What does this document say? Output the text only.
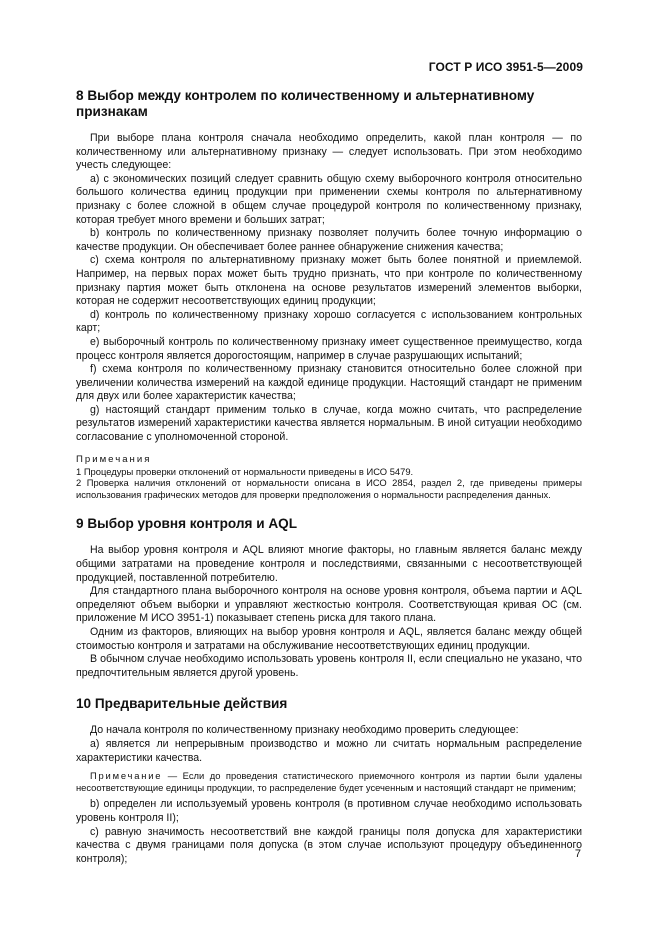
ГОСТ Р ИСО 3951-5—2009
8 Выбор между контролем по количественному и альтернативному признакам

При выборе плана контроля сначала необходимо определить, какой план контроля — по количественному или альтернативному признаку — следует использовать. При этом необходимо учесть следующее:

а) с экономических позиций следует сравнить общую схему выборочного контроля относительно большого количества единиц продукции при применении схемы контроля по альтернативному признаку с более сложной в общем случае процедурой контроля по количественному признаку, которая требует много времени и больших затрат;

b) контроль по количественному признаку позволяет получить более точную информацию о качестве продукции. Он обеспечивает более раннее обнаружение снижения качества;

c) схема контроля по альтернативному признаку может быть более понятной и приемлемой. Например, на первых порах может быть трудно признать, что при контроле по количественному признаку партия может быть отклонена на основе результатов измерений элементов выборки, которая не содержит несоответствующих единиц продукции;

d) контроль по количественному признаку хорошо согласуется с использованием контрольных карт;

e) выборочный контроль по количественному признаку имеет существенное преимущество, когда процесс контроля является дорогостоящим, например в случае разрушающих испытаний;

f) схема контроля по количественному признаку становится относительно более сложной при увеличении количества измерений на каждой единице продукции. Настоящий стандарт не применим для двух или более характеристик качества;

g) настоящий стандарт применим только в случае, когда можно считать, что распределение результатов измерений характеристики качества является нормальным. В иной ситуации необходимо согласование с уполномоченной стороной.

Примечания

1 Процедуры проверки отклонений от нормальности приведены в ИСО 5479.

2 Проверка наличия отклонений от нормальности описана в ИСО 2854, раздел 2, где приведены примеры использования графических методов для проверки предположения о нормальности распределения данных.

9 Выбор уровня контроля и AQL

На выбор уровня контроля и AQL влияют многие факторы, но главным является баланс между общими затратами на проведение контроля и последствиями, связанными с несоответствующей продукцией, поставленной потребителю.

Для стандартного плана выборочного контроля на основе уровня контроля, объема партии и AQL определяют объем выборки и управляют жесткостью контроля. Соответствующая кривая ОС (см. приложение М ИСО 3951-1) показывает степень риска для такого плана.

Одним из факторов, влияющих на выбор уровня контроля и AQL, является баланс между общей стоимостью контроля и затратами на обслуживание несоответствующих единиц продукции.

В обычном случае необходимо использовать уровень контроля II, если специально не указано, что предпочтительным является другой уровень.

10 Предварительные действия

До начала контроля по количественному признаку необходимо проверить следующее:

а) является ли непрерывным производство и можно ли считать нормальным распределение характеристики качества.

Примечание — Если до проведения статистического приемочного контроля из партии были удалены несоответствующие единицы продукции, то распределение будет усеченным и настоящий стандарт не применим;

b) определен ли используемый уровень контроля (в противном случае необходимо использовать уровень контроля II);

c) равную значимость несоответствий вне каждой границы поля допуска для характеристики качества с двумя границами поля допуска (в этом случае используют процедуру объединенного контроля);	7
